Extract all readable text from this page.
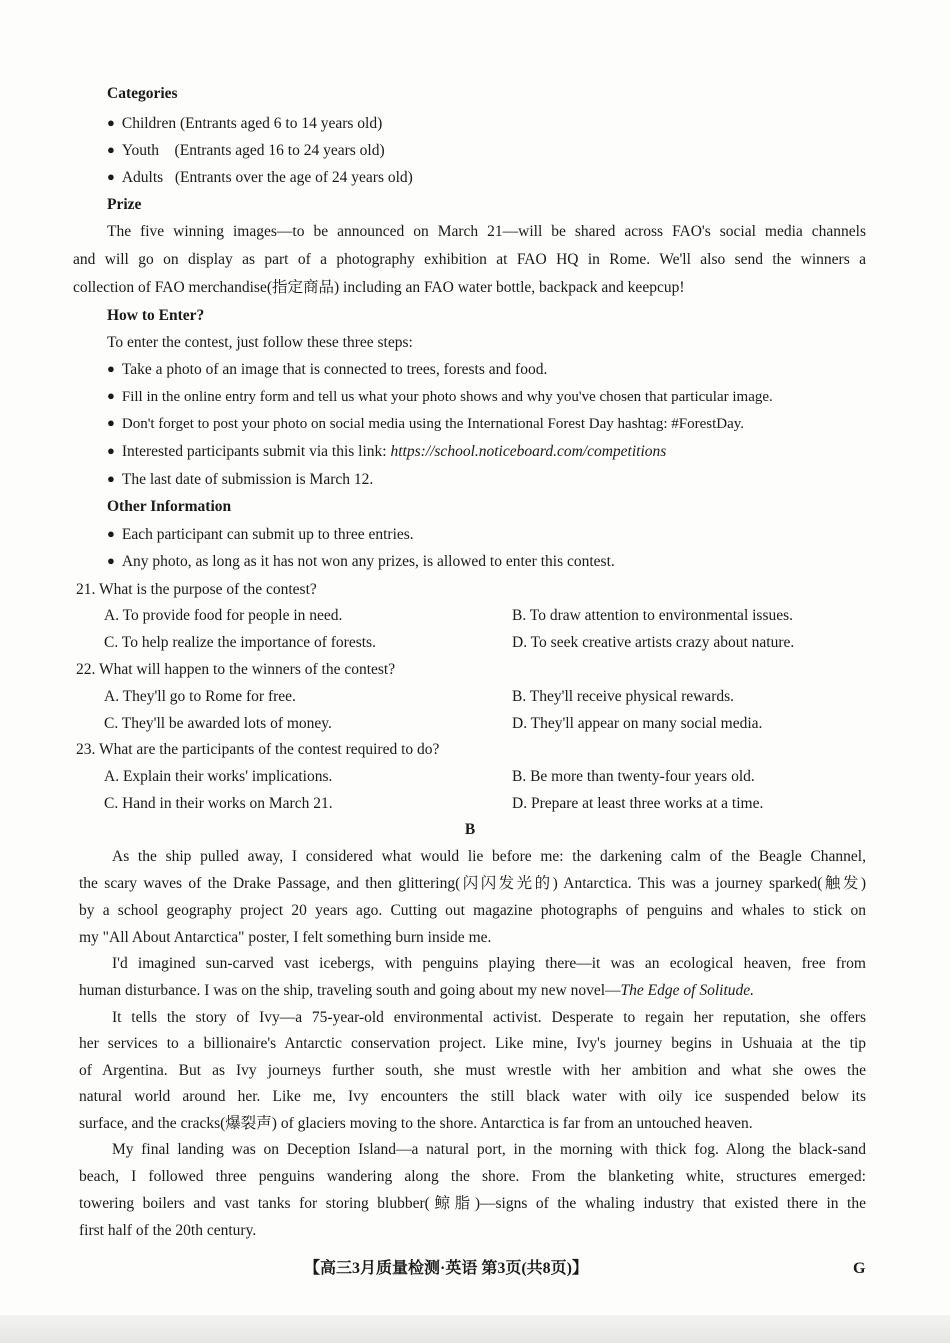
Categories
● Children (Entrants aged 6 to 14 years old)
● Youth    (Entrants aged 16 to 24 years old)
● Adults   (Entrants over the age of 24 years old)
Prize
The five winning images—to be announced on March 21—will be shared across FAO's social media channels
and will go on display as part of a photography exhibition at FAO HQ in Rome. We'll also send the winners a
collection of FAO merchandise(指定商品) including an FAO water bottle, backpack and keepcup!
How to Enter?
To enter the contest, just follow these three steps:
● Take a photo of an image that is connected to trees, forests and food.
● Fill in the online entry form and tell us what your photo shows and why you've chosen that particular image.
● Don't forget to post your photo on social media using the International Forest Day hashtag: #ForestDay.
● Interested participants submit via this link: https://school.noticeboard.com/competitions
● The last date of submission is March 12.
Other Information
● Each participant can submit up to three entries.
● Any photo, as long as it has not won any prizes, is allowed to enter this contest.
21. What is the purpose of the contest?
A. To provide food for people in need.	B. To draw attention to environmental issues.
C. To help realize the importance of forests.	D. To seek creative artists crazy about nature.
22. What will happen to the winners of the contest?
A. They'll go to Rome for free.	B. They'll receive physical rewards.
C. They'll be awarded lots of money.	D. They'll appear on many social media.
23. What are the participants of the contest required to do?
A. Explain their works' implications.	B. Be more than twenty-four years old.
C. Hand in their works on March 21.	D. Prepare at least three works at a time.
B
As the ship pulled away, I considered what would lie before me: the darkening calm of the Beagle Channel,
the scary waves of the Drake Passage, and then glittering(闪闪发光的) Antarctica. This was a journey sparked(触发)
by a school geography project 20 years ago. Cutting out magazine photographs of penguins and whales to stick on
my "All About Antarctica" poster, I felt something burn inside me.
I'd imagined sun-carved vast icebergs, with penguins playing there—it was an ecological heaven, free from
human disturbance. I was on the ship, traveling south and going about my new novel—The Edge of Solitude.
It tells the story of Ivy—a 75-year-old environmental activist. Desperate to regain her reputation, she offers
her services to a billionaire's Antarctic conservation project. Like mine, Ivy's journey begins in Ushuaia at the tip
of Argentina. But as Ivy journeys further south, she must wrestle with her ambition and what she owes the
natural world around her. Like me, Ivy encounters the still black water with oily ice suspended below its
surface, and the cracks(爆裂声) of glaciers moving to the shore. Antarctica is far from an untouched heaven.
My final landing was on Deception Island—a natural port, in the morning with thick fog. Along the black-sand
beach, I followed three penguins wandering along the shore. From the blanketing white, structures emerged:
towering boilers and vast tanks for storing blubber(鲸脂)—signs of the whaling industry that existed there in the
first half of the 20th century.
【高三3月质量检测·英语 第3页(共8页)】	G
